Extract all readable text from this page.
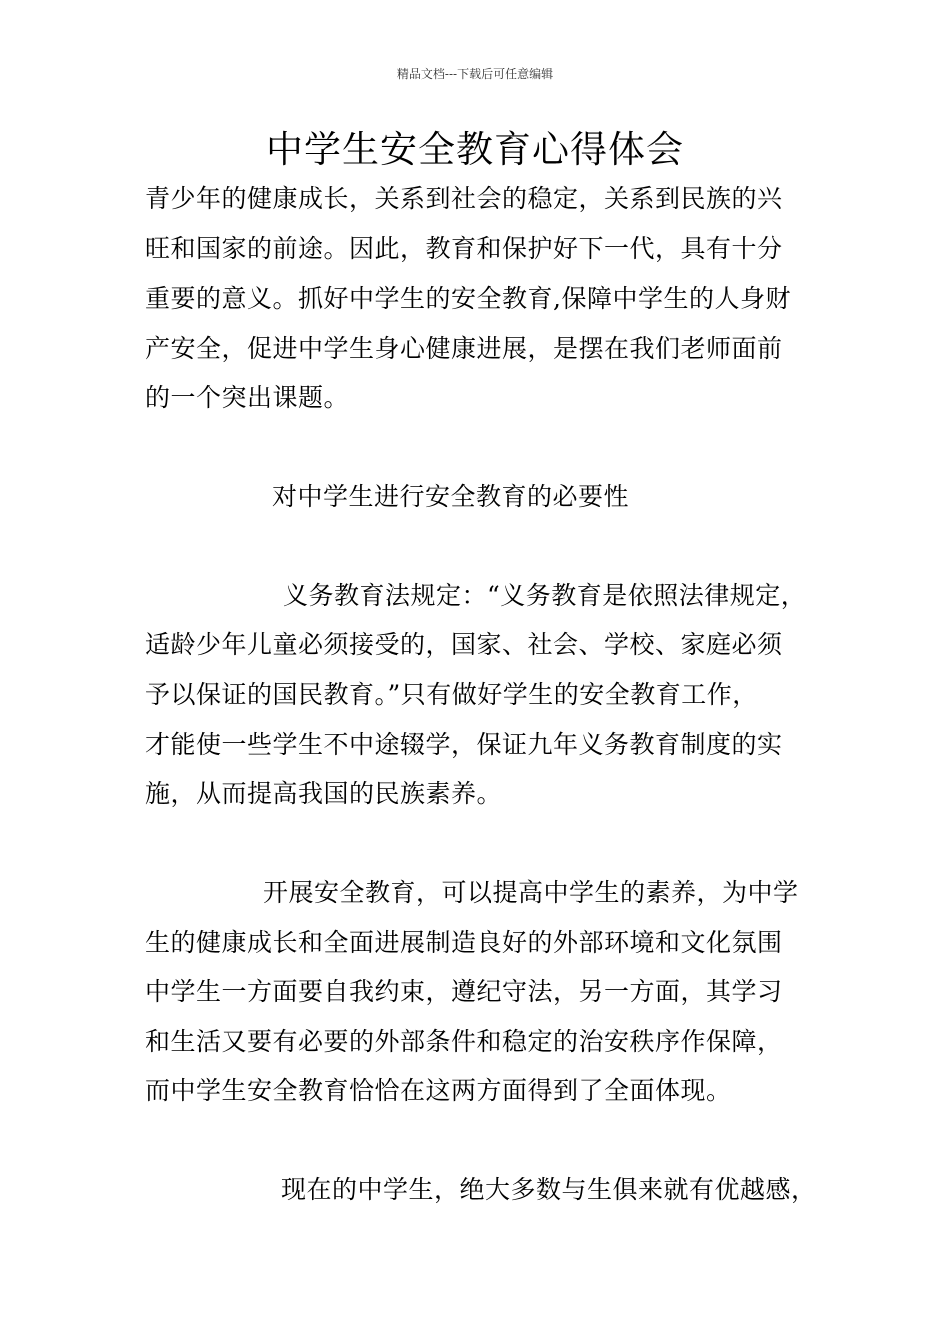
精品文档---下载后可任意编辑
中学生安全教育心得体会
青少年的健康成长，关系到社会的稳定，关系到民族的兴
旺和国家的前途。因此，教育和保护好下一代，具有十分
重要的意义。抓好中学生的安全教育,保障中学生的人身财
产安全，促进中学生身心健康进展，是摆在我们老师面前
的一个突出课题。
对中学生进行安全教育的必要性
义务教育法规定：“义务教育是依照法律规定，
适龄少年儿童必须接受的，国家、社会、学校、家庭必须
予以保证的国民教育。”只有做好学生的安全教育工作，
才能使一些学生不中途辍学，保证九年义务教育制度的实
施，从而提高我国的民族素养。
开展安全教育，可以提高中学生的素养，为中学
生的健康成长和全面进展制造良好的外部环境和文化氛围
中学生一方面要自我约束，遵纪守法，另一方面，其学习
和生活又要有必要的外部条件和稳定的治安秩序作保障，
而中学生安全教育恰恰在这两方面得到了全面体现。
现在的中学生，绝大多数与生俱来就有优越感，
